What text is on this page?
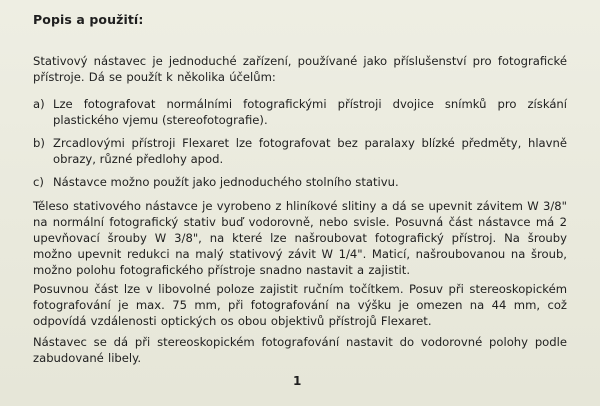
Popis a použití:
Stativový nástavec je jednoduché zařízení, používané jako příslušenství pro fotografické přístroje. Dá se použít k několika účelům:
a) Lze fotografovat normálními fotografickými přístroji dvojice snímků pro získání plastického vjemu (stereofotografie).
b) Zrcadlovými přístroji Flexaret lze fotografovat bez paralaxy blízké předměty, hlavně obrazy, různé předlohy apod.
c) Nástavce možno použít jako jednoduchého stolního stativu.
Těleso stativového nástavce je vyrobeno z hliníkové slitiny a dá se upevnit závitem W 3/8" na normální fotografický stativ buď vodorovně, nebo svisle. Posuvná část nástavce má 2 upevňovací šrouby W 3/8", na které lze našroubovat fotografický přístroj. Na šrouby možno upevnit redukci na malý stativový závit W 1/4". Maticí, našroubovanou na šroub, možno polohu fotografického přístroje snadno nastavit a zajistit.
Posuvnou část lze v libovolné poloze zajistit ručním točítkem. Posuv při stereoskopickém fotografování je max. 75 mm, při fotografování na výšku je omezen na 44 mm, což odpovídá vzdálenosti optických os obou objektivů přístrojů Flexaret.
Nástavec se dá při stereoskopickém fotografování nastavit do vodorovné polohy podle zabudované libely.
1
